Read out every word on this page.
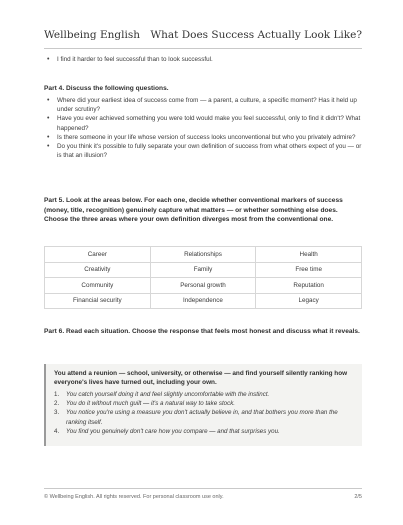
Wellbeing English What Does Success Actually Look Like?
• I find it harder to feel successful than to look successful.
Part 4. Discuss the following questions.
• Where did your earliest idea of success come from — a parent, a culture, a specific moment? Has it held up under scrutiny?
• Have you ever achieved something you were told would make you feel successful, only to find it didn't? What happened?
• Is there someone in your life whose version of success looks unconventional but who you privately admire?
• Do you think it's possible to fully separate your own definition of success from what others expect of you — or is that an illusion?
Part 5. Look at the areas below. For each one, decide whether conventional markers of success (money, title, recognition) genuinely capture what matters — or whether something else does. Choose the three areas where your own definition diverges most from the conventional one.
Career	Relationships	Health
Creativity	Family	Free time
Community	Personal growth	Reputation
Financial security	Independence	Legacy
Part 6. Read each situation. Choose the response that feels most honest and discuss what it reveals.
You attend a reunion — school, university, or otherwise — and find yourself silently ranking how everyone's lives have turned out, including your own.
1. You catch yourself doing it and feel slightly uncomfortable with the instinct.
2. You do it without much guilt — it's a natural way to take stock.
3. You notice you're using a measure you don't actually believe in, and that bothers you more than the ranking itself.
4. You find you genuinely don't care how you compare — and that surprises you.
© Wellbeing English. All rights reserved. For personal classroom use only.	2/5
